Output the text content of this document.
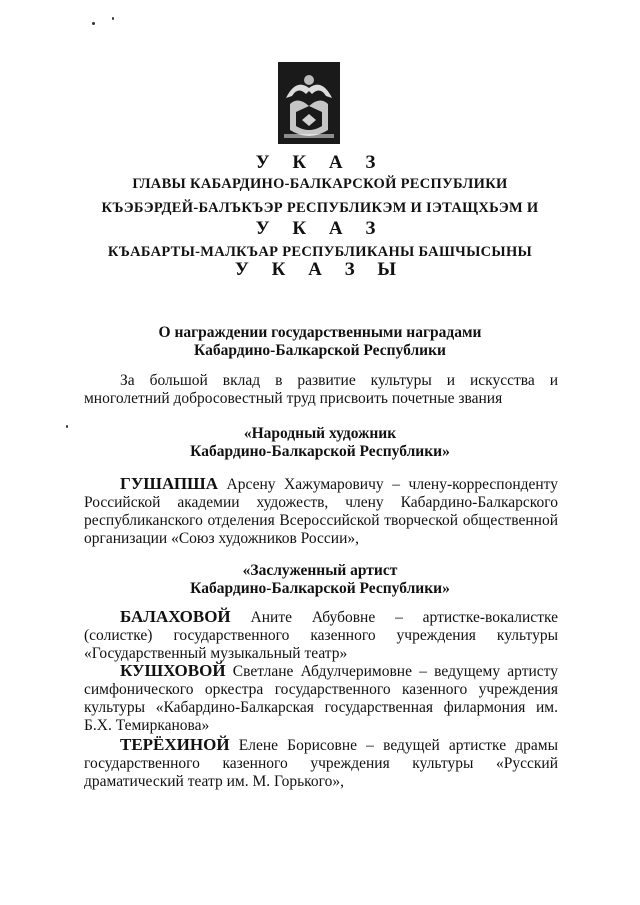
У К А З
ГЛАВЫ КАБАРДИНО-БАЛКАРСКОЙ РЕСПУБЛИКИ
КЪЭБЭРДЕЙ-БАЛЪКЪЭР РЕСПУБЛИКЭМ И IЭТАЩХЬЭМ И
У К А З
КЪАБАРТЫ-МАЛКЪАР РЕСПУБЛИКАНЫ БАШЧЫСЫНЫ
У К А З Ы
О награждении государственными наградами
Кабардино-Балкарской Республики
За большой вклад в развитие культуры и искусства и многолетний добросовестный труд присвоить почетные звания
«Народный художник
Кабардино-Балкарской Республики»
ГУШАПША Арсену Хажумаровичу – члену-корреспонденту Российской академии художеств, члену Кабардино-Балкарского республиканского отделения Всероссийской творческой общественной организации «Союз художников России»,
«Заслуженный артист
Кабардино-Балкарской Республики»
БАЛАХОВОЙ Аните Абубовне – артистке-вокалистке (солистке) государственного казенного учреждения культуры «Государственный музыкальный театр»
КУШХОВОЙ Светлане Абдулчеримовне – ведущему артисту симфонического оркестра государственного казенного учреждения культуры «Кабардино-Балкарская государственная филармония им. Б.Х. Темирканова»
ТЕРЁХИНОЙ Елене Борисовне – ведущей артистке драмы государственного казенного учреждения культуры «Русский драматический театр им. М. Горького»,
